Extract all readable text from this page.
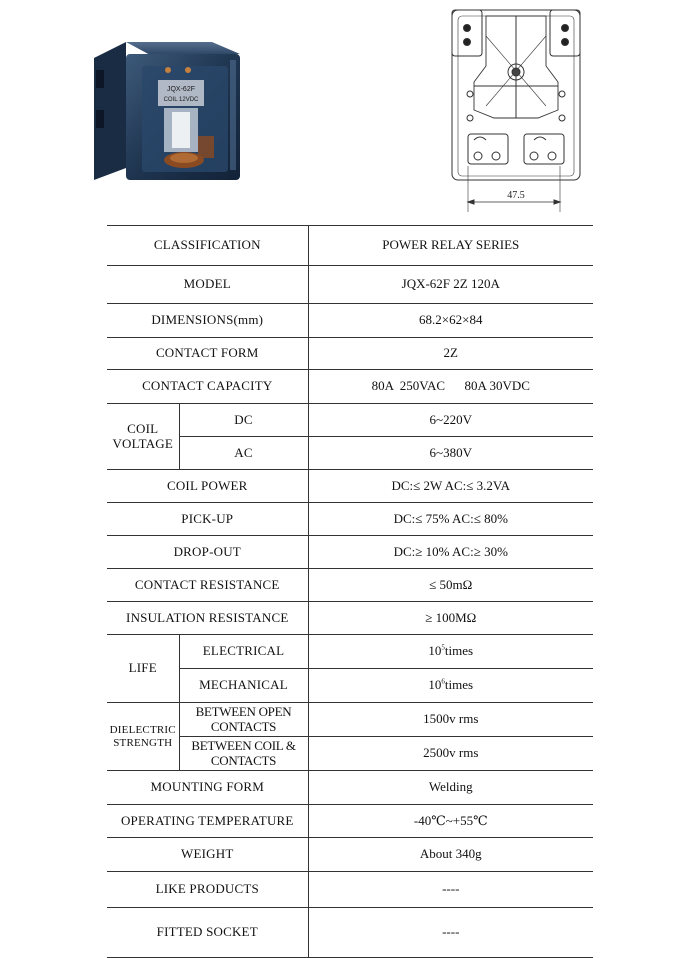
JQX-62F
COIL 12VDC
47.5
CLASSIFICATION		POWER RELAY SERIES
MODEL		JQX-62F 2Z 120A
DIMENSIONS(mm)		68.2×62×84
CONTACT FORM		2Z
CONTACT CAPACITY		80A  250VAC      80A 30VDC
COIL
VOLTAGE	DC	6~220V
	AC	6~380V
COIL POWER		DC:≤ 2W AC:≤ 3.2VA
PICK-UP		DC:≤ 75% AC:≤ 80%
DROP-OUT		DC:≥ 10% AC:≥ 30%
CONTACT RESISTANCE		≤ 50mΩ
INSULATION RESISTANCE		≥ 100MΩ
LIFE	ELECTRICAL	$10^5times$
	MECHANICAL	$10^6times$
DIELECTRIC
STRENGTH	BETWEEN OPEN CONTACTS	1500v rms
	BETWEEN COIL & CONTACTS	2500v rms
MOUNTING FORM		Welding
OPERATING TEMPERATURE		-40℃~+55℃
WEIGHT		About 340g
LIKE PRODUCTS		----
FITTED SOCKET		----
